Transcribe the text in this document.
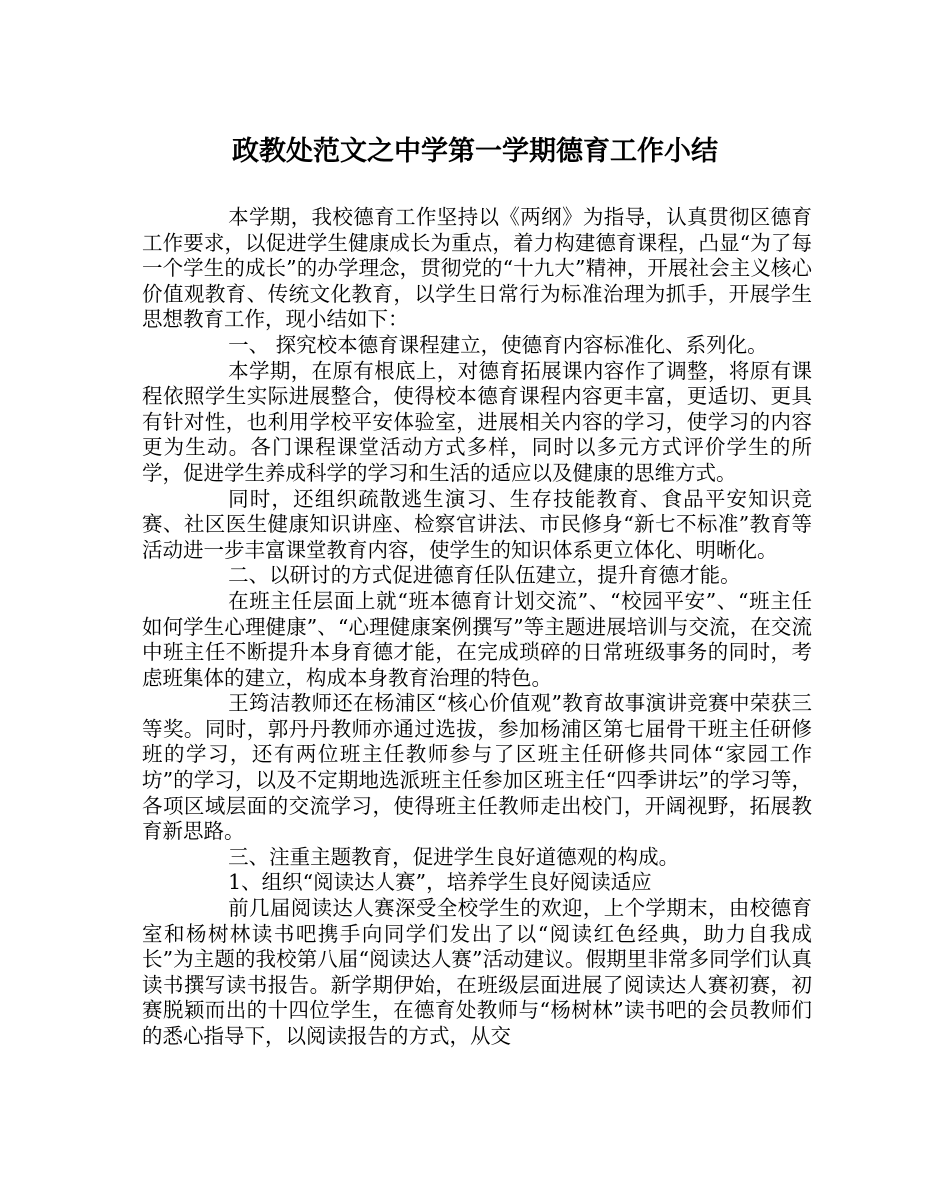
政教处范文之中学第一学期德育工作小结

本学期，我校德育工作坚持以《两纲》为指导，认真贯彻区德育工作要求，以促进学生健康成长为重点，着力构建德育课程，凸显“为了每一个学生的成长”的办学理念，贯彻党的“十九大”精神，开展社会主义核心价值观教育、传统文化教育，以学生日常行为标准治理为抓手，开展学生思想教育工作，现小结如下：

一、 探究校本德育课程建立，使德育内容标准化、系列化。

本学期，在原有根底上，对德育拓展课内容作了调整，将原有课程依照学生实际进展整合，使得校本德育课程内容更丰富，更适切、更具有针对性，也利用学校平安体验室，进展相关内容的学习，使学习的内容更为生动。各门课程课堂活动方式多样，同时以多元方式评价学生的所学，促进学生养成科学的学习和生活的适应以及健康的思维方式。

同时，还组织疏散逃生演习、生存技能教育、食品平安知识竞赛、社区医生健康知识讲座、检察官讲法、市民修身“新七不标准”教育等活动进一步丰富课堂教育内容，使学生的知识体系更立体化、明晰化。

二、以研讨的方式促进德育任队伍建立，提升育德才能。

在班主任层面上就“班本德育计划交流”、“校园平安”、“班主任如何学生心理健康”、“心理健康案例撰写”等主题进展培训与交流，在交流中班主任不断提升本身育德才能，在完成琐碎的日常班级事务的同时，考虑班集体的建立，构成本身教育治理的特色。

王筠洁教师还在杨浦区“核心价值观”教育故事演讲竞赛中荣获三等奖。同时，郭丹丹教师亦通过选拔，参加杨浦区第七届骨干班主任研修班的学习，还有两位班主任教师参与了区班主任研修共同体“家园工作坊”的学习，以及不定期地选派班主任参加区班主任“四季讲坛”的学习等，各项区域层面的交流学习，使得班主任教师走出校门，开阔视野，拓展教育新思路。

三、注重主题教育，促进学生良好道德观的构成。

1、组织“阅读达人赛”，培养学生良好阅读适应

前几届阅读达人赛深受全校学生的欢迎，上个学期末，由校德育室和杨树林读书吧携手向同学们发出了以“阅读红色经典，助力自我成长”为主题的我校第八届“阅读达人赛”活动建议。假期里非常多同学们认真读书撰写读书报告。新学期伊始，在班级层面进展了阅读达人赛初赛，初赛脱颖而出的十四位学生，在德育处教师与“杨树林”读书吧的会员教师们的悉心指导下，以阅读报告的方式，从交
